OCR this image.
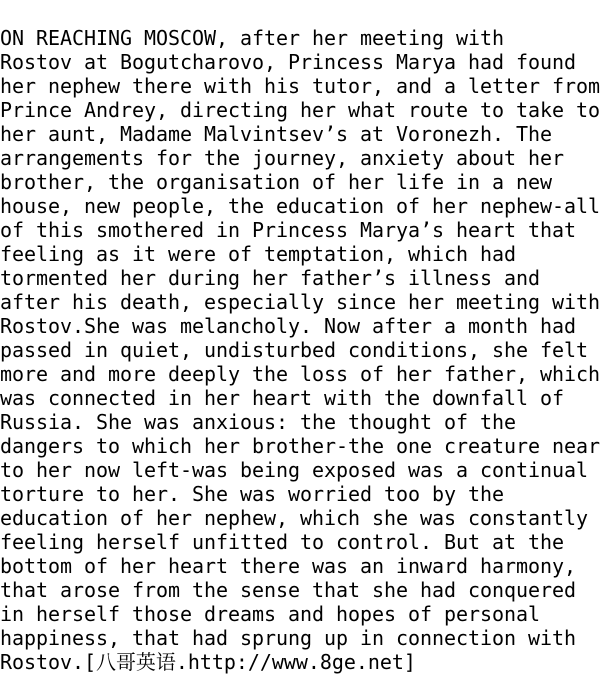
ON REACHING MOSCOW, after her meeting with
Rostov at Bogutcharovo, Princess Marya had found
her nephew there with his tutor, and a letter from
Prince Andrey, directing her what route to take to
her aunt, Madame Malvintsev’s at Voronezh. The
arrangements for the journey, anxiety about her
brother, the organisation of her life in a new
house, new people, the education of her nephew-all
of this smothered in Princess Marya’s heart that
feeling as it were of temptation, which had
tormented her during her father’s illness and
after his death, especially since her meeting with
Rostov.She was melancholy. Now after a month had
passed in quiet, undisturbed conditions, she felt
more and more deeply the loss of her father, which
was connected in her heart with the downfall of
Russia. She was anxious: the thought of the
dangers to which her brother-the one creature near
to her now left-was being exposed was a continual
torture to her. She was worried too by the
education of her nephew, which she was constantly
feeling herself unfitted to control. But at the
bottom of her heart there was an inward harmony,
that arose from the sense that she had conquered
in herself those dreams and hopes of personal
happiness, that had sprung up in connection with
Rostov.[八哥英语.http://www.8ge.net]
